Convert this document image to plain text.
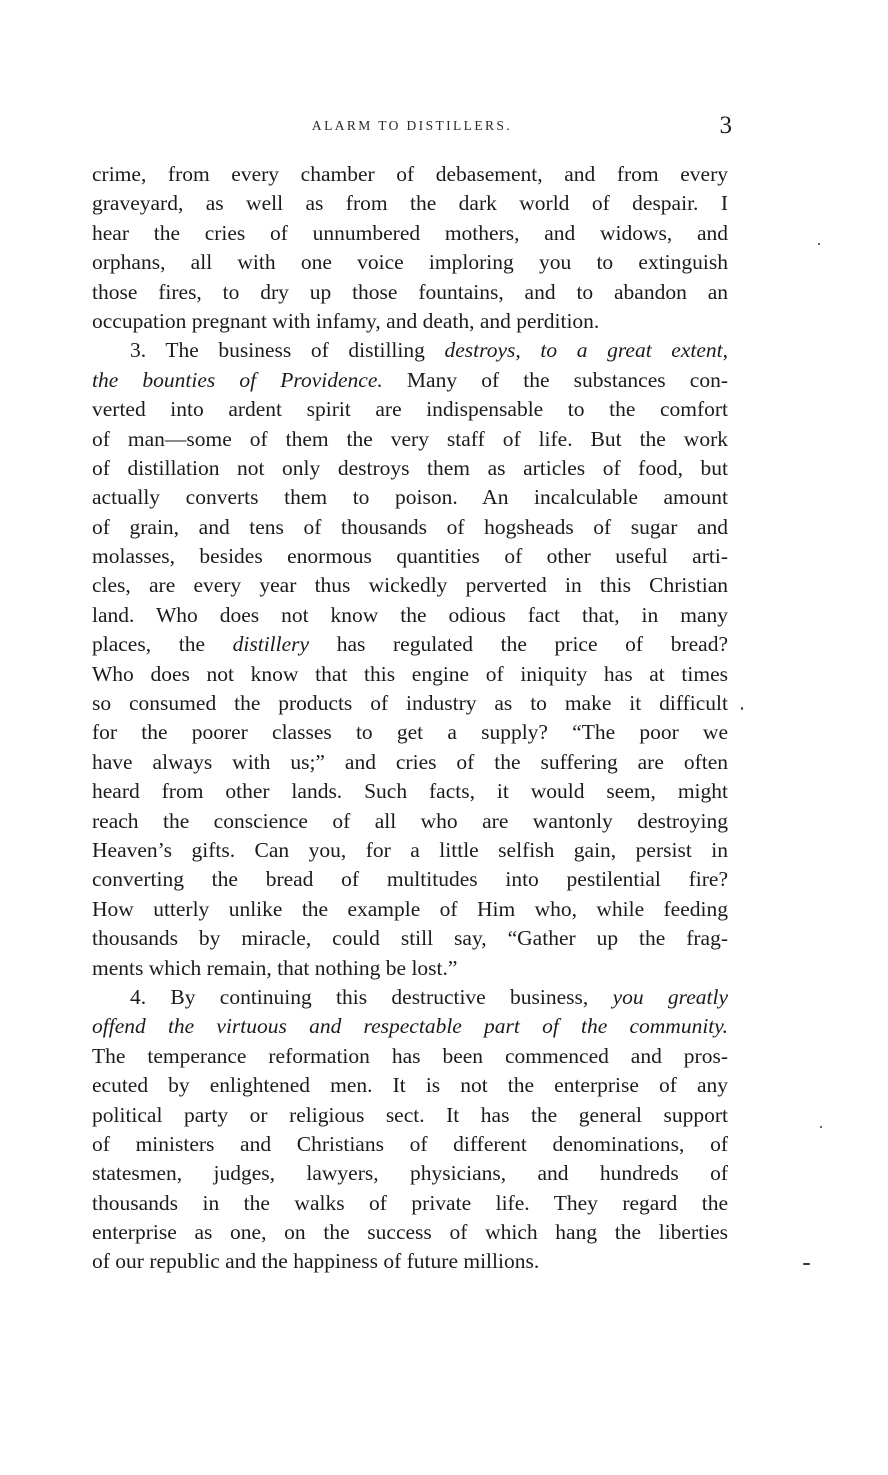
ALARM TO DISTILLERS.	3
crime, from every chamber of debasement, and from every
graveyard, as well as from the dark world of despair. I
hear the cries of unnumbered mothers, and widows, and
orphans, all with one voice imploring you to extinguish
those fires, to dry up those fountains, and to abandon an
occupation pregnant with infamy, and death, and perdition.
3. The business of distilling destroys, to a great extent,
the bounties of Providence. Many of the substances con-
verted into ardent spirit are indispensable to the comfort
of man—some of them the very staff of life. But the work
of distillation not only destroys them as articles of food, but
actually converts them to poison. An incalculable amount
of grain, and tens of thousands of hogsheads of sugar and
molasses, besides enormous quantities of other useful arti-
cles, are every year thus wickedly perverted in this Christian
land. Who does not know the odious fact that, in many
places, the distillery has regulated the price of bread?
Who does not know that this engine of iniquity has at times
so consumed the products of industry as to make it difficult
for the poorer classes to get a supply? “The poor we
have always with us;” and cries of the suffering are often
heard from other lands. Such facts, it would seem, might
reach the conscience of all who are wantonly destroying
Heaven’s gifts. Can you, for a little selfish gain, persist in
converting the bread of multitudes into pestilential fire?
How utterly unlike the example of Him who, while feeding
thousands by miracle, could still say, “Gather up the frag-
ments which remain, that nothing be lost.”
4. By continuing this destructive business, you greatly
offend the virtuous and respectable part of the community.
The temperance reformation has been commenced and pros-
ecuted by enlightened men. It is not the enterprise of any
political party or religious sect. It has the general support
of ministers and Christians of different denominations, of
statesmen, judges, lawyers, physicians, and hundreds of
thousands in the walks of private life. They regard the
enterprise as one, on the success of which hang the liberties
of our republic and the happiness of future millions.
